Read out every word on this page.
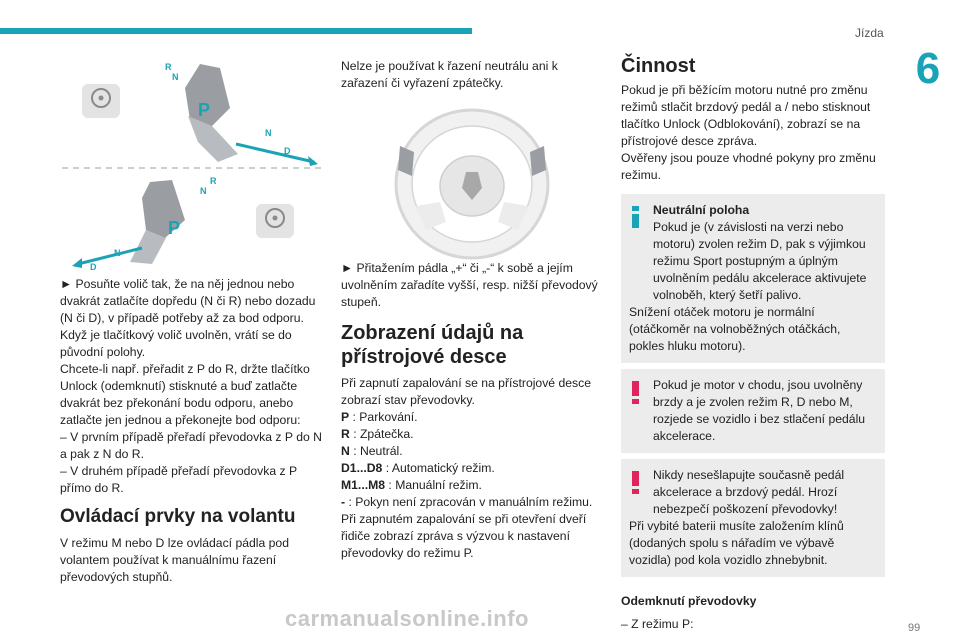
Jízda
6
P
R
N
N
D
P
R
N
N
D

► Posuňte volič tak, že na něj jednou nebo dvakrát zatlačíte dopředu (N či R) nebo dozadu (N či D), v případě potřeby až za bod odporu.

Když je tlačítkový volič uvolněn, vrátí se do původní polohy.

Chcete-li např. přeřadit z P do R, držte tlačítko Unlock (odemknutí) stisknuté a buď zatlačte dvakrát bez překonání bodu odporu, anebo zatlačte jen jednou a překonejte bod odporu:

– V prvním případě přeřadí převodovka z P do N a pak z N do R.

– V druhém případě přeřadí převodovka z P přímo do R.

Ovládací prvky na volantu

V režimu M nebo D lze ovládací pádla pod volantem používat k manuálnímu řazení převodových stupňů.

Nelze je používat k řazení neutrálu ani k zařazení či vyřazení zpátečky.

► Přitažením pádla „+“ či „-“ k sobě a jejím uvolněním zařadíte vyšší, resp. nižší převodový stupeň.

Zobrazení údajů na přístrojové desce

Při zapnutí zapalování se na přístrojové desce zobrazí stav převodovky.

P : Parkování.

R : Zpátečka.

N : Neutrál.

D1...D8 : Automatický režim.

M1...M8 : Manuální režim.

- : Pokyn není zpracován v manuálním režimu.

Při zapnutém zapalování se při otevření dveří řidiče zobrazí zpráva s výzvou k nastavení převodovky do režimu P.

Činnost

Pokud je při běžícím motoru nutné pro změnu režimů stlačit brzdový pedál a / nebo stisknout tlačítko Unlock (Odblokování), zobrazí se na přístrojové desce zpráva.

Ověřeny jsou pouze vhodné pokyny pro změnu režimu.

Neutrální poloha

Pokud je (v závislosti na verzi nebo motoru) zvolen režim D, pak s výjimkou režimu Sport postupným a úplným uvolněním pedálu akcelerace aktivujete volnoběh, který šetří palivo.

Snížení otáček motoru je normální (otáčkoměr na volnoběžných otáčkách, pokles hluku motoru).

Pokud je motor v chodu, jsou uvolněny brzdy a je zvolen režim R, D nebo M, rozjede se vozidlo i bez stlačení pedálu akcelerace.

Nikdy nesešlapujte současně pedál akcelerace a brzdový pedál. Hrozí nebezpečí poškození převodovky!

Při vybité baterii musíte založením klínů (dodaných spolu s nářadím ve výbavě vozidla) pod kola vozidlo zhnebybnit.

Odemknutí převodovky

– Z režimu P:

carmanualsonline.info	99
